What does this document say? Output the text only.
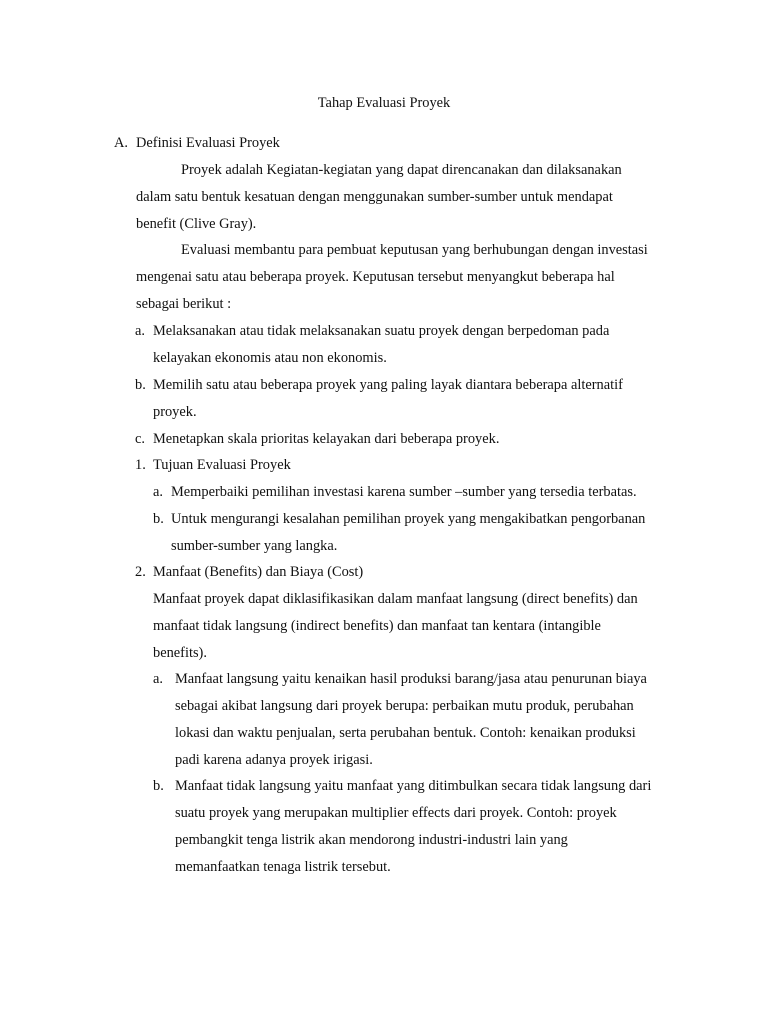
Tahap Evaluasi Proyek
A. Definisi Evaluasi Proyek
Proyek adalah Kegiatan-kegiatan yang dapat direncanakan dan dilaksanakan
dalam satu bentuk kesatuan dengan menggunakan sumber-sumber untuk mendapat
benefit (Clive Gray).
Evaluasi membantu para pembuat keputusan yang berhubungan dengan investasi
mengenai satu atau beberapa proyek. Keputusan tersebut menyangkut beberapa hal
sebagai berikut :
a. Melaksanakan atau tidak melaksanakan suatu proyek dengan berpedoman pada
kelayakan ekonomis atau non ekonomis.
b. Memilih satu atau beberapa proyek yang paling layak diantara beberapa alternatif
proyek.
c. Menetapkan skala prioritas kelayakan dari beberapa proyek.
1. Tujuan Evaluasi Proyek
a. Memperbaiki pemilihan investasi karena sumber –sumber yang tersedia terbatas.
b. Untuk mengurangi kesalahan pemilihan proyek yang mengakibatkan pengorbanan
sumber-sumber yang langka.
2. Manfaat (Benefits) dan Biaya (Cost)
Manfaat proyek dapat diklasifikasikan dalam manfaat langsung (direct benefits) dan
manfaat tidak langsung (indirect benefits) dan manfaat tan kentara (intangible
benefits).
a. Manfaat langsung yaitu kenaikan hasil produksi barang/jasa atau penurunan biaya
sebagai akibat langsung dari proyek berupa: perbaikan mutu produk, perubahan
lokasi dan waktu penjualan, serta perubahan bentuk. Contoh: kenaikan produksi
padi karena adanya proyek irigasi.
b. Manfaat tidak langsung yaitu manfaat yang ditimbulkan secara tidak langsung dari
suatu proyek yang merupakan multiplier effects dari proyek. Contoh: proyek
pembangkit tenga listrik akan mendorong industri-industri lain yang
memanfaatkan tenaga listrik tersebut.
